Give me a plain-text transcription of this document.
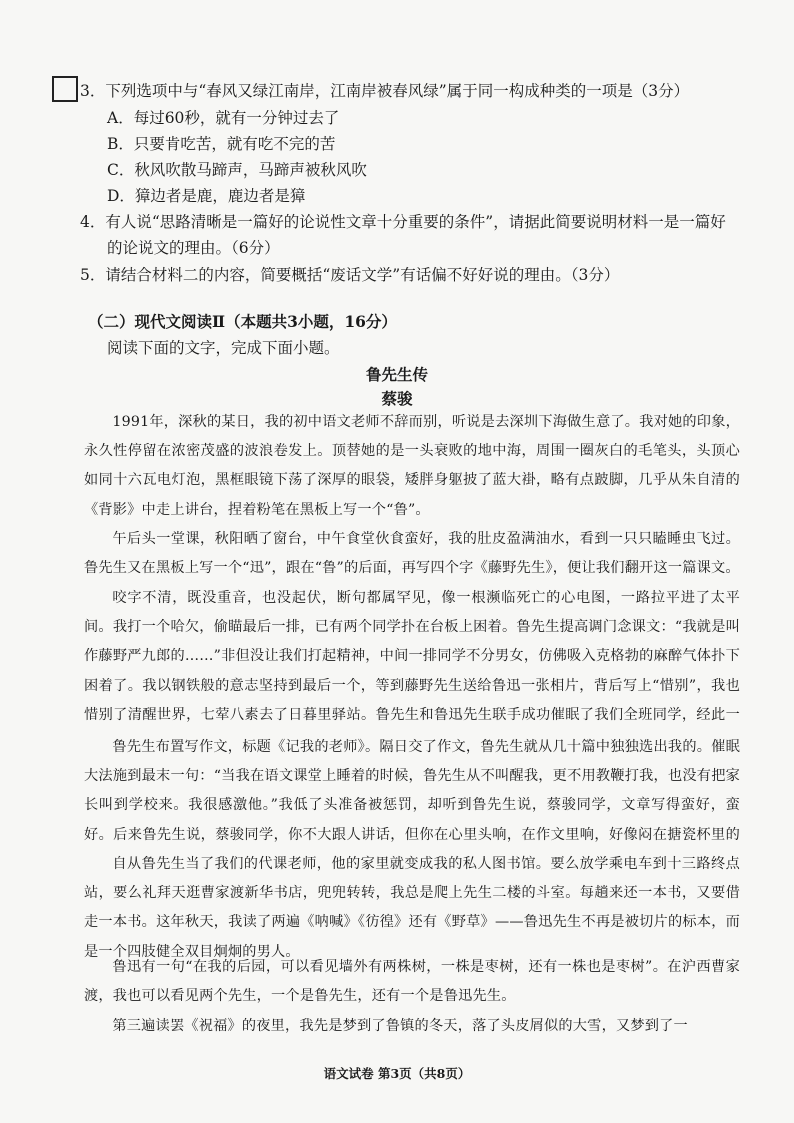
3．下列选项中与“春风又绿江南岸，江南岸被春风绿”属于同一构成种类的一项是（3分）
A．每过60秒，就有一分钟过去了
B．只要肯吃苦，就有吃不完的苦
C．秋风吹散马蹄声，马蹄声被秋风吹
D．獐边者是鹿，鹿边者是獐
4．有人说“思路清晰是一篇好的论说性文章十分重要的条件”，请据此简要说明材料一是一篇好
的论说文的理由。（6分）
5．请结合材料二的内容，简要概括“废话文学”有话偏不好好说的理由。（3分）
（二）现代文阅读Ⅱ（本题共3小题，16分）
阅读下面的文字，完成下面小题。
鲁先生传
蔡骏
1991年，深秋的某日，我的初中语文老师不辞而别，听说是去深圳下海做生意了。我对她的印象，永久性停留在浓密茂盛的波浪卷发上。顶替她的是一头衰败的地中海，周围一圈灰白的毛笔头，头顶心如同十六瓦电灯泡，黑框眼镜下荡了深厚的眼袋，矮胖身躯披了蓝大褂，略有点跛脚，几乎从朱自清的《背影》中走上讲台，捏着粉笔在黑板上写一个“鲁”。
午后头一堂课，秋阳晒了窗台，中午食堂伙食蛮好，我的肚皮盈满油水，看到一只只瞌睡虫飞过。鲁先生又在黑板上写一个“迅”，跟在“鲁”的后面，再写四个字《藤野先生》，便让我们翻开这一篇课文。
咬字不清，既没重音，也没起伏，断句都属罕见，像一根濒临死亡的心电图，一路拉平进了太平间。我打一个哈欠，偷瞄最后一排，已有两个同学扑在台板上困着。鲁先生提高调门念课文：“我就是叫作藤野严九郎的……”非但没让我们打起精神，中间一排同学不分男女，仿佛吸入克格勃的麻醉气体扑下困着了。我以钢铁般的意志坚持到最后一个，等到藤野先生送给鲁迅一张相片，背后写上“惜别”，我也惜别了清醒世界，七荤八素去了日暮里驿站。鲁先生和鲁迅先生联手成功催眠了我们全班同学，经此一
鲁先生布置写作文，标题《记我的老师》。隔日交了作文，鲁先生就从几十篇中独独选出我的。催眠大法施到最末一句：“当我在语文课堂上睡着的时候，鲁先生从不叫醒我，更不用教鞭打我，也没有把家长叫到学校来。我很感激他。”我低了头准备被惩罚，却听到鲁先生说，蔡骏同学，文章写得蛮好，蛮好。后来鲁先生说，蔡骏同学，你不大跟人讲话，但你在心里头响，在作文里响，好像闷在搪瓷杯里的
自从鲁先生当了我们的代课老师，他的家里就变成我的私人图书馆。要么放学乘电车到十三路终点站，要么礼拜天逛曹家渡新华书店，兜兜转转，我总是爬上先生二楼的斗室。每趟来还一本书，又要借走一本书。这年秋天，我读了两遍《呐喊》《彷徨》还有《野草》——鲁迅先生不再是被切片的标本，而是一个四肢健全双目炯炯的男人。
鲁迅有一句“在我的后园，可以看见墙外有两株树，一株是枣树，还有一株也是枣树”。在沪西曹家渡，我也可以看见两个先生，一个是鲁先生，还有一个是鲁迅先生。
第三遍读罢《祝福》的夜里，我先是梦到了鲁镇的冬天，落了头皮屑似的大雪，又梦到了一
语文试卷 第3页（共8页）
